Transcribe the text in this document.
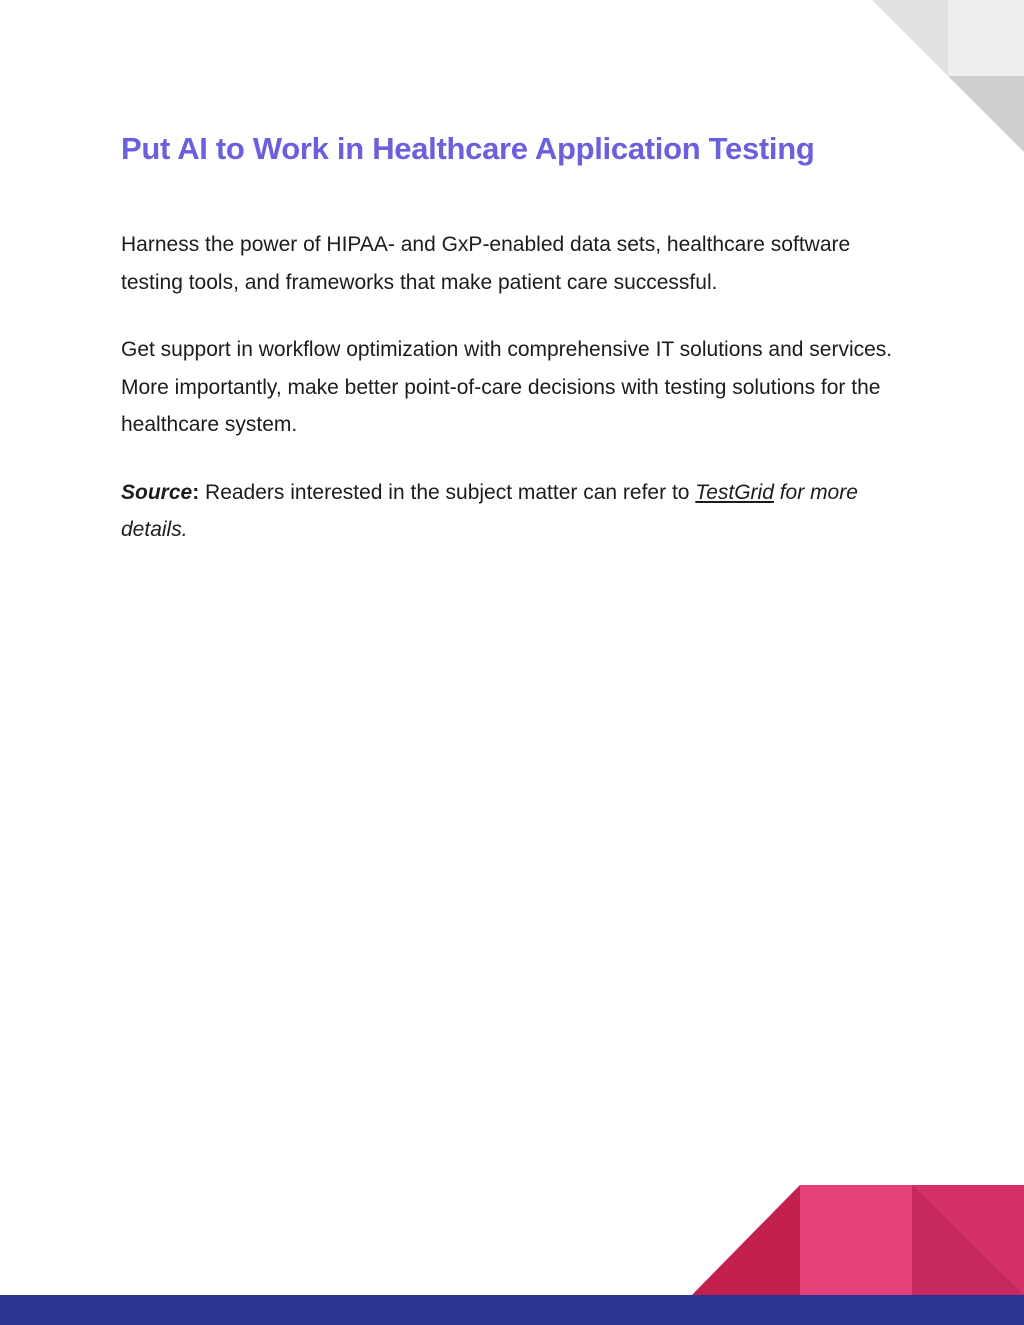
Put AI to Work in Healthcare Application Testing

Harness the power of HIPAA- and GxP-enabled data sets, healthcare software testing tools, and frameworks that make patient care successful.

Get support in workflow optimization with comprehensive IT solutions and services. More importantly, make better point-of-care decisions with testing solutions for the healthcare system.

Source: Readers interested in the subject matter can refer to TestGrid for more details.
